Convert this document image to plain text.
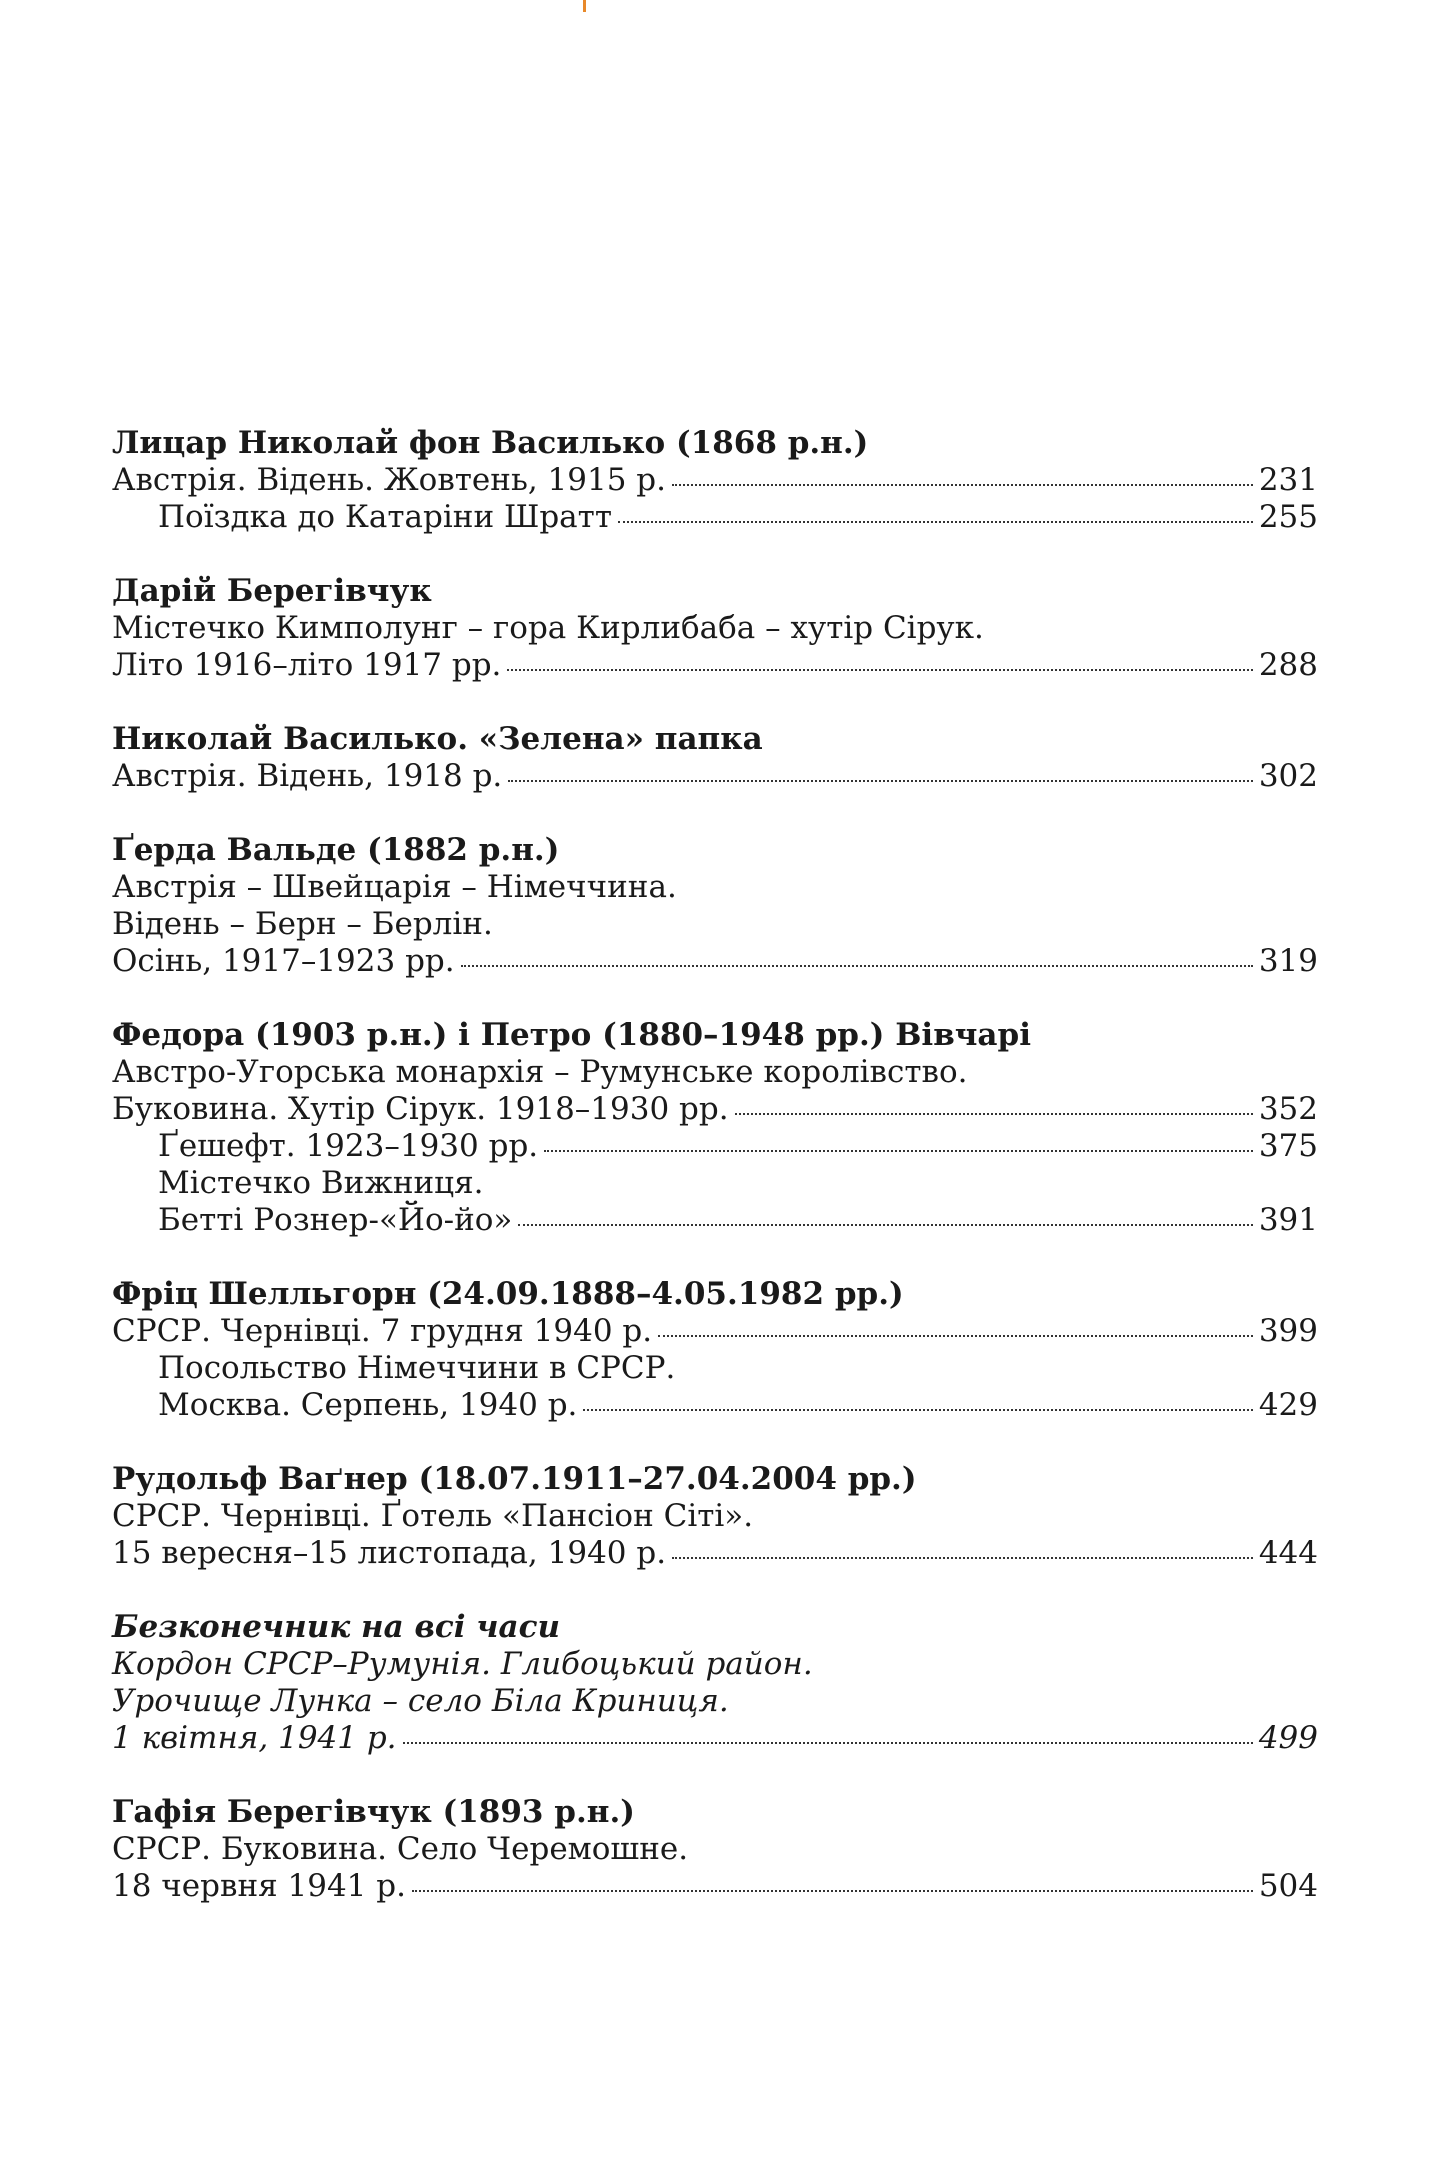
Лицар Николай фон Василько (1868 р.н.)
Австрія. Відень. Жовтень, 1915 р.	231
Поїздка до Катаріни Шратт	255
Дарій Берегівчук
Містечко Кимполунг – гора Кирлибаба – хутір Сірук.
Літо 1916–літо 1917 рр.	288
Николай Василько. «Зелена» папка
Австрія. Відень, 1918 р.	302
Ґерда Вальде (1882 р.н.)
Австрія – Швейцарія – Німеччина.
Відень – Берн – Берлін.
Осінь, 1917–1923 рр.	319
Федора (1903 р.н.) і Петро (1880–1948 рр.) Вівчарі
Австро-Угорська монархія – Румунське королівство.
Буковина. Хутір Сірук. 1918–1930 рр.	352
Ґешефт. 1923–1930 рр.	375
Містечко Вижниця.
Бетті Рознер-«Йо-йо»	391
Фріц Шелльгорн (24.09.1888–4.05.1982 рр.)
СРСР. Чернівці. 7 грудня 1940 р.	399
Посольство Німеччини в СРСР.
Москва. Серпень, 1940 р.	429
Рудольф Ваґнер (18.07.1911–27.04.2004 рр.)
СРСР. Чернівці. Ґотель «Пансіон Сіті».
15 вересня–15 листопада, 1940 р.	444
Безконечник на всі часи
Кордон СРСР–Румунія. Глибоцький район.
Урочище Лунка – село Біла Криниця.
1 квітня, 1941 р.	499
Гафія Берегівчук (1893 р.н.)
СРСР. Буковина. Село Черемошне.
18 червня 1941 р.	504
